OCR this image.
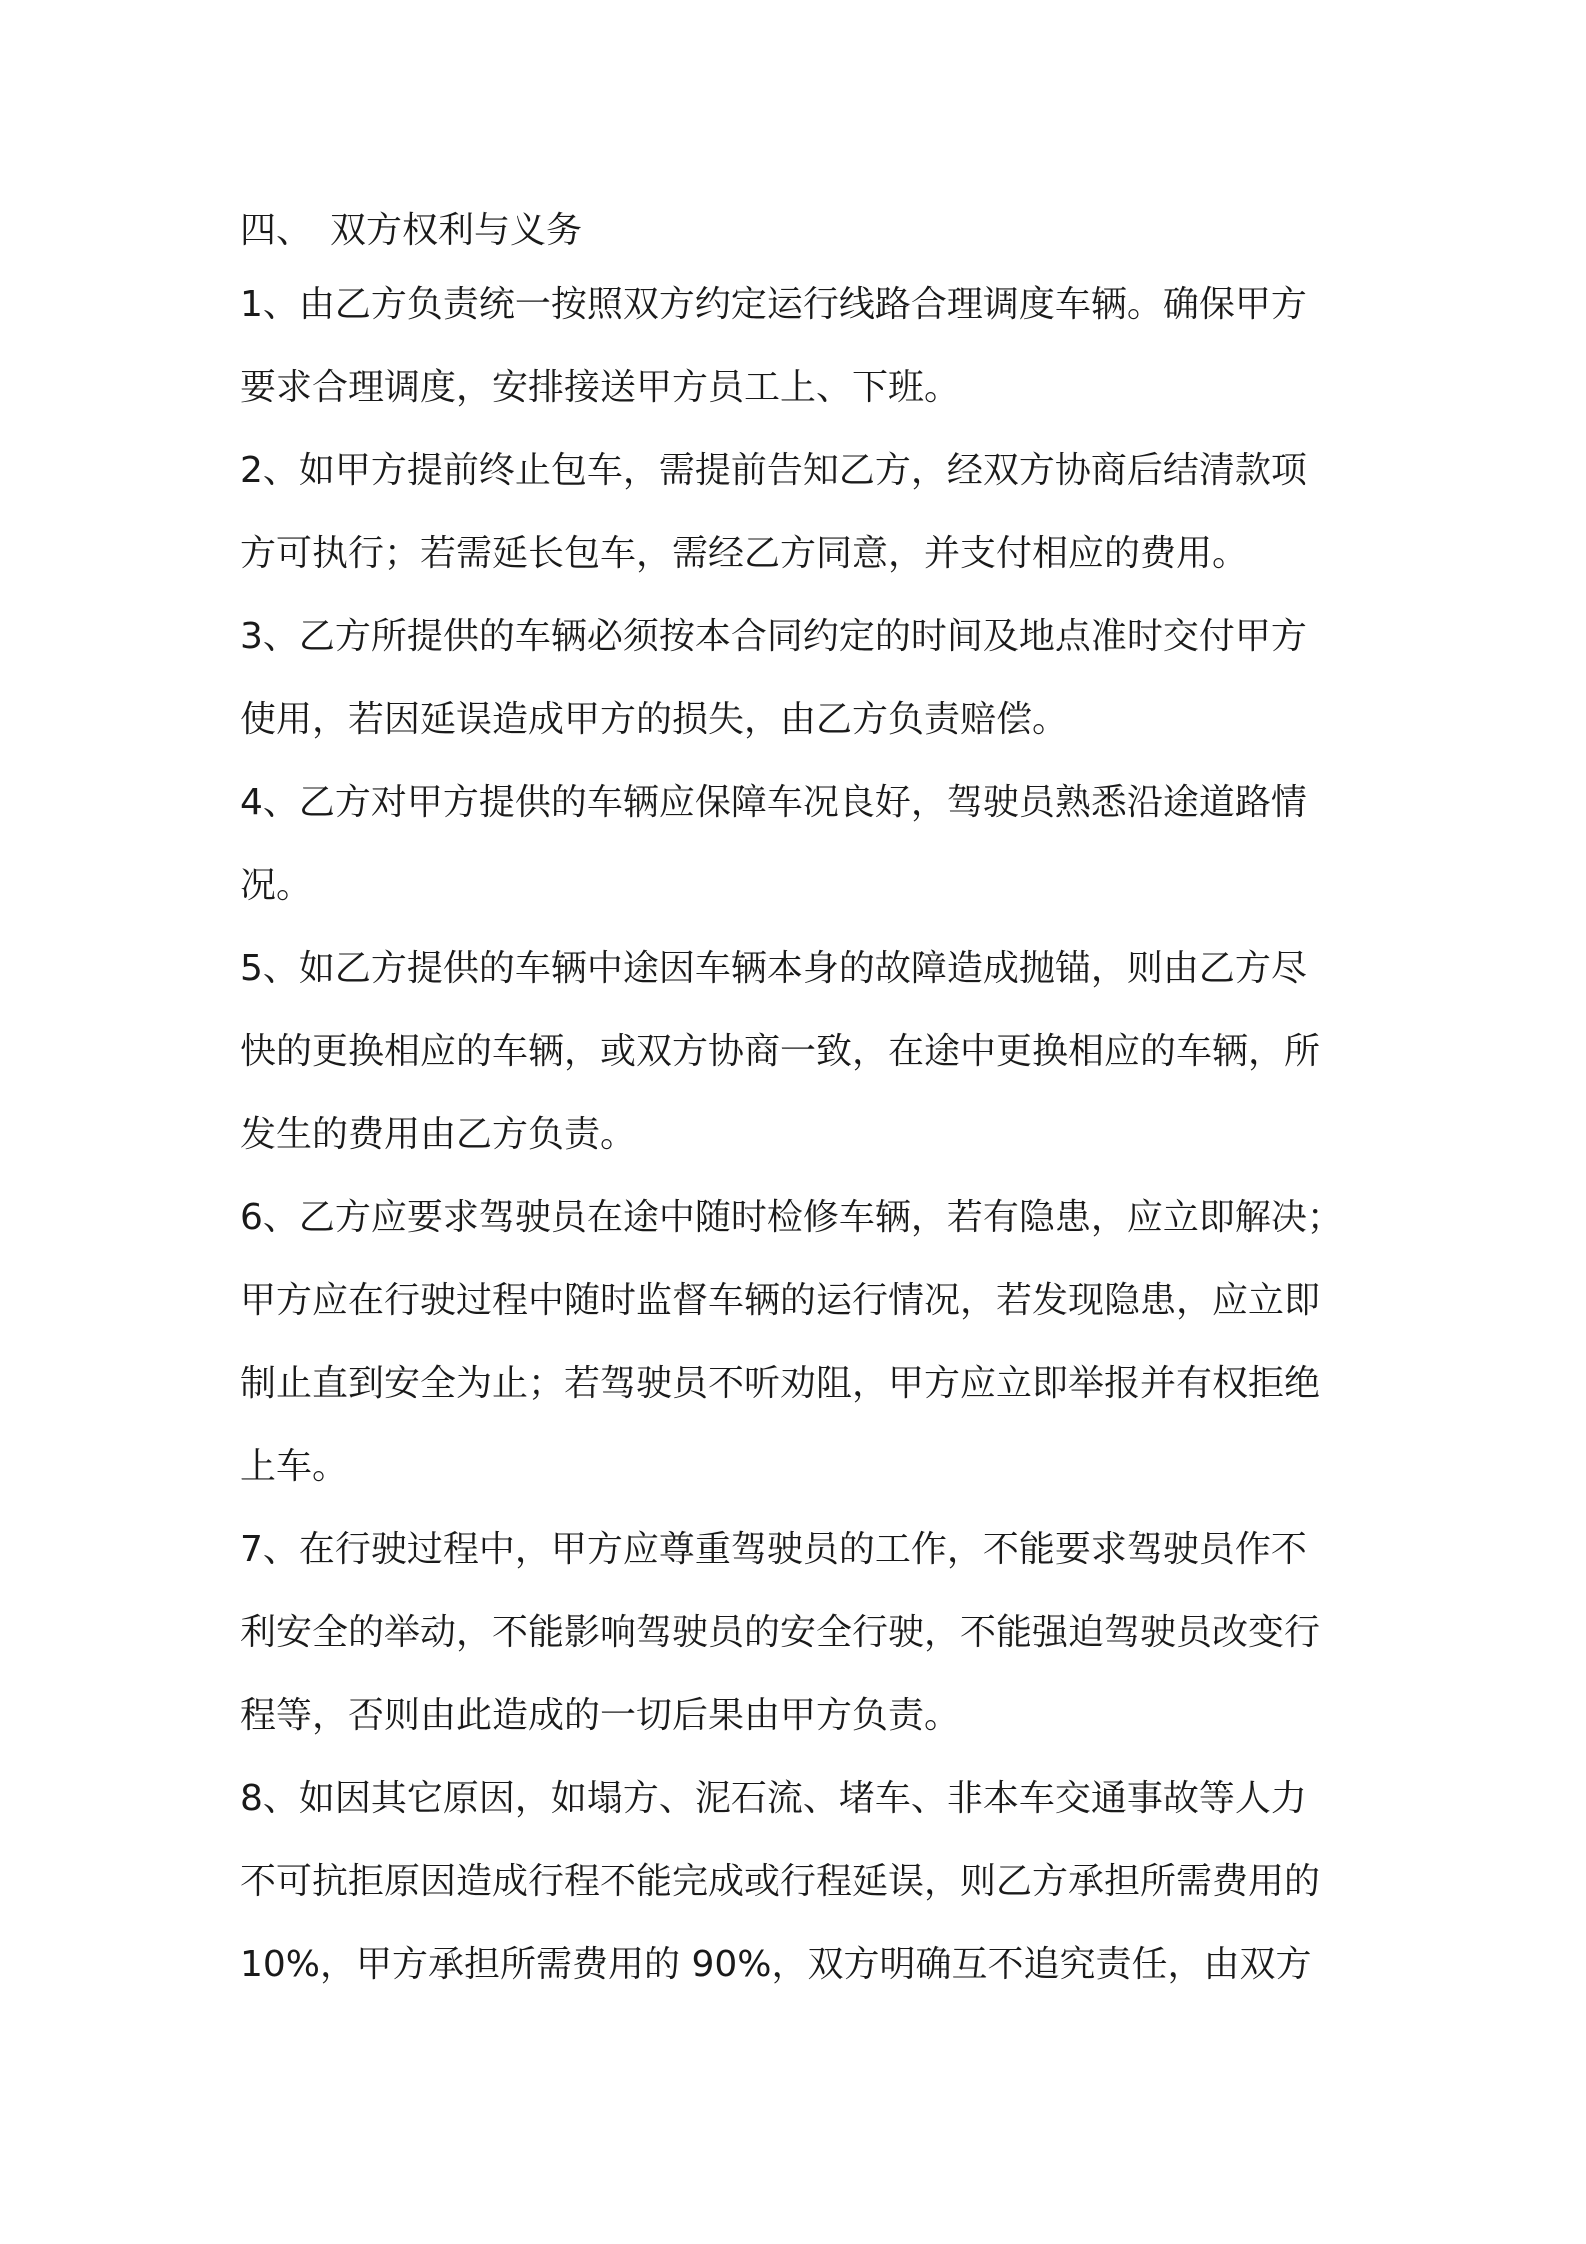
四、 双方权利与义务
1、由乙方负责统一按照双方约定运行线路合理调度车辆。确保甲方
要求合理调度，安排接送甲方员工上、下班。
2、如甲方提前终止包车，需提前告知乙方，经双方协商后结清款项
方可执行；若需延长包车，需经乙方同意，并支付相应的费用。
3、乙方所提供的车辆必须按本合同约定的时间及地点准时交付甲方
使用，若因延误造成甲方的损失，由乙方负责赔偿。
4、乙方对甲方提供的车辆应保障车况良好，驾驶员熟悉沿途道路情
况。
5、如乙方提供的车辆中途因车辆本身的故障造成抛锚，则由乙方尽
快的更换相应的车辆，或双方协商一致，在途中更换相应的车辆，所
发生的费用由乙方负责。
6、乙方应要求驾驶员在途中随时检修车辆，若有隐患，应立即解决；
甲方应在行驶过程中随时监督车辆的运行情况，若发现隐患，应立即
制止直到安全为止；若驾驶员不听劝阻，甲方应立即举报并有权拒绝
上车。
7、在行驶过程中，甲方应尊重驾驶员的工作，不能要求驾驶员作不
利安全的举动，不能影响驾驶员的安全行驶，不能强迫驾驶员改变行
程等，否则由此造成的一切后果由甲方负责。
8、如因其它原因，如塌方、泥石流、堵车、非本车交通事故等人力
不可抗拒原因造成行程不能完成或行程延误，则乙方承担所需费用的
10%，甲方承担所需费用的 90%，双方明确互不追究责任，由双方
